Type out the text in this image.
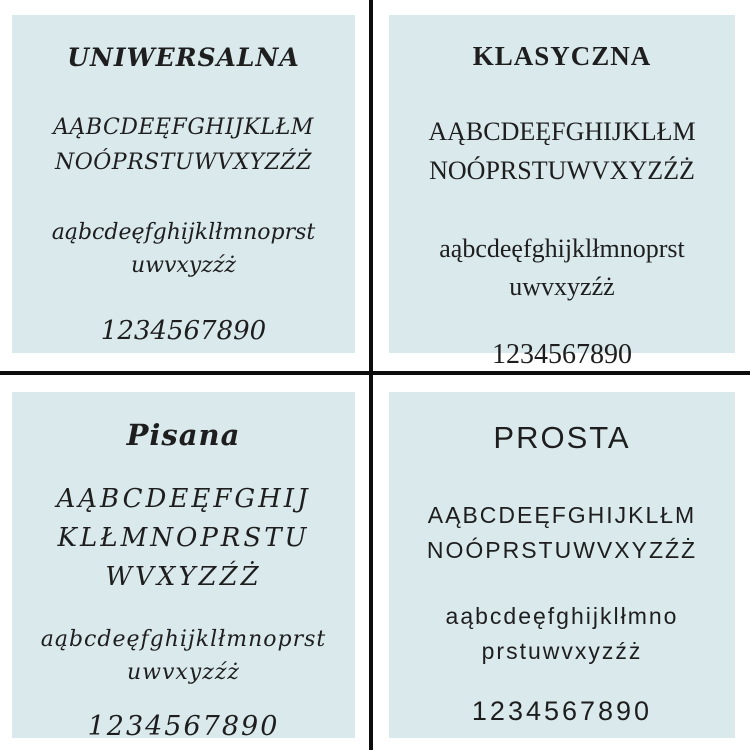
UNIWERSALNA
AĄBCDEĘFGHIJKLŁM
NOÓPRSTUWVXYZŹŻ
aąbcdeęfghijklłmnoprst
uwvxyzźż
1234567890
KLASYCZNA
AĄBCDEĘFGHIJKLŁM
NOÓPRSTUWVXYZŹŻ
aąbcdeęfghijklłmnoprst
uwvxyzźż
1234567890
Pisana
AĄBCDEĘFGHIJ
KLŁMNOPRSTU
WVXYZŹŻ
aąbcdeęfghijklłmnoprst
uwvxyzźż
1234567890
PROSTA
AĄBCDEĘFGHIJKLŁM
NOÓPRSTUWVXYZŹŻ
aąbcdeęfghijklłmno
prstuwvxyzźż
1234567890
